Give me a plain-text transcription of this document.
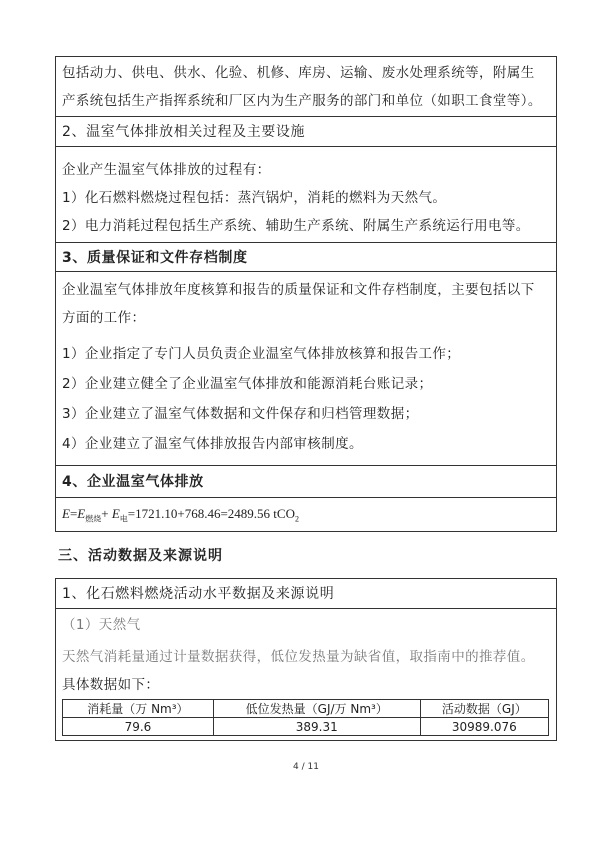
包括动力、供电、供水、化验、机修、库房、运输、废水处理系统等，附属生
产系统包括生产指挥系统和厂区内为生产服务的部门和单位（如职工食堂等）。
2、温室气体排放相关过程及主要设施
企业产生温室气体排放的过程有：
1）化石燃料燃烧过程包括：蒸汽锅炉，消耗的燃料为天然气。
2）电力消耗过程包括生产系统、辅助生产系统、附属生产系统运行用电等。
3、质量保证和文件存档制度
企业温室气体排放年度核算和报告的质量保证和文件存档制度，主要包括以下
方面的工作：
1）企业指定了专门人员负责企业温室气体排放核算和报告工作；
2）企业建立健全了企业温室气体排放和能源消耗台账记录；
3）企业建立了温室气体数据和文件保存和归档管理数据；
4）企业建立了温室气体排放报告内部审核制度。
4、企业温室气体排放
$E=E_{燃烧}+ E_电=1721.10+768.46=2489.56$ tCO$_2$
三、活动数据及来源说明
1、化石燃料燃烧活动水平数据及来源说明
（1）天然气
天然气消耗量通过计量数据获得，低位发热量为缺省值，取指南中的推荐值。
具体数据如下：
消耗量（万 Nm³）	低位发热量（GJ/万 Nm³）	活动数据（GJ）
79.6	389.31	30989.076
4 / 11
